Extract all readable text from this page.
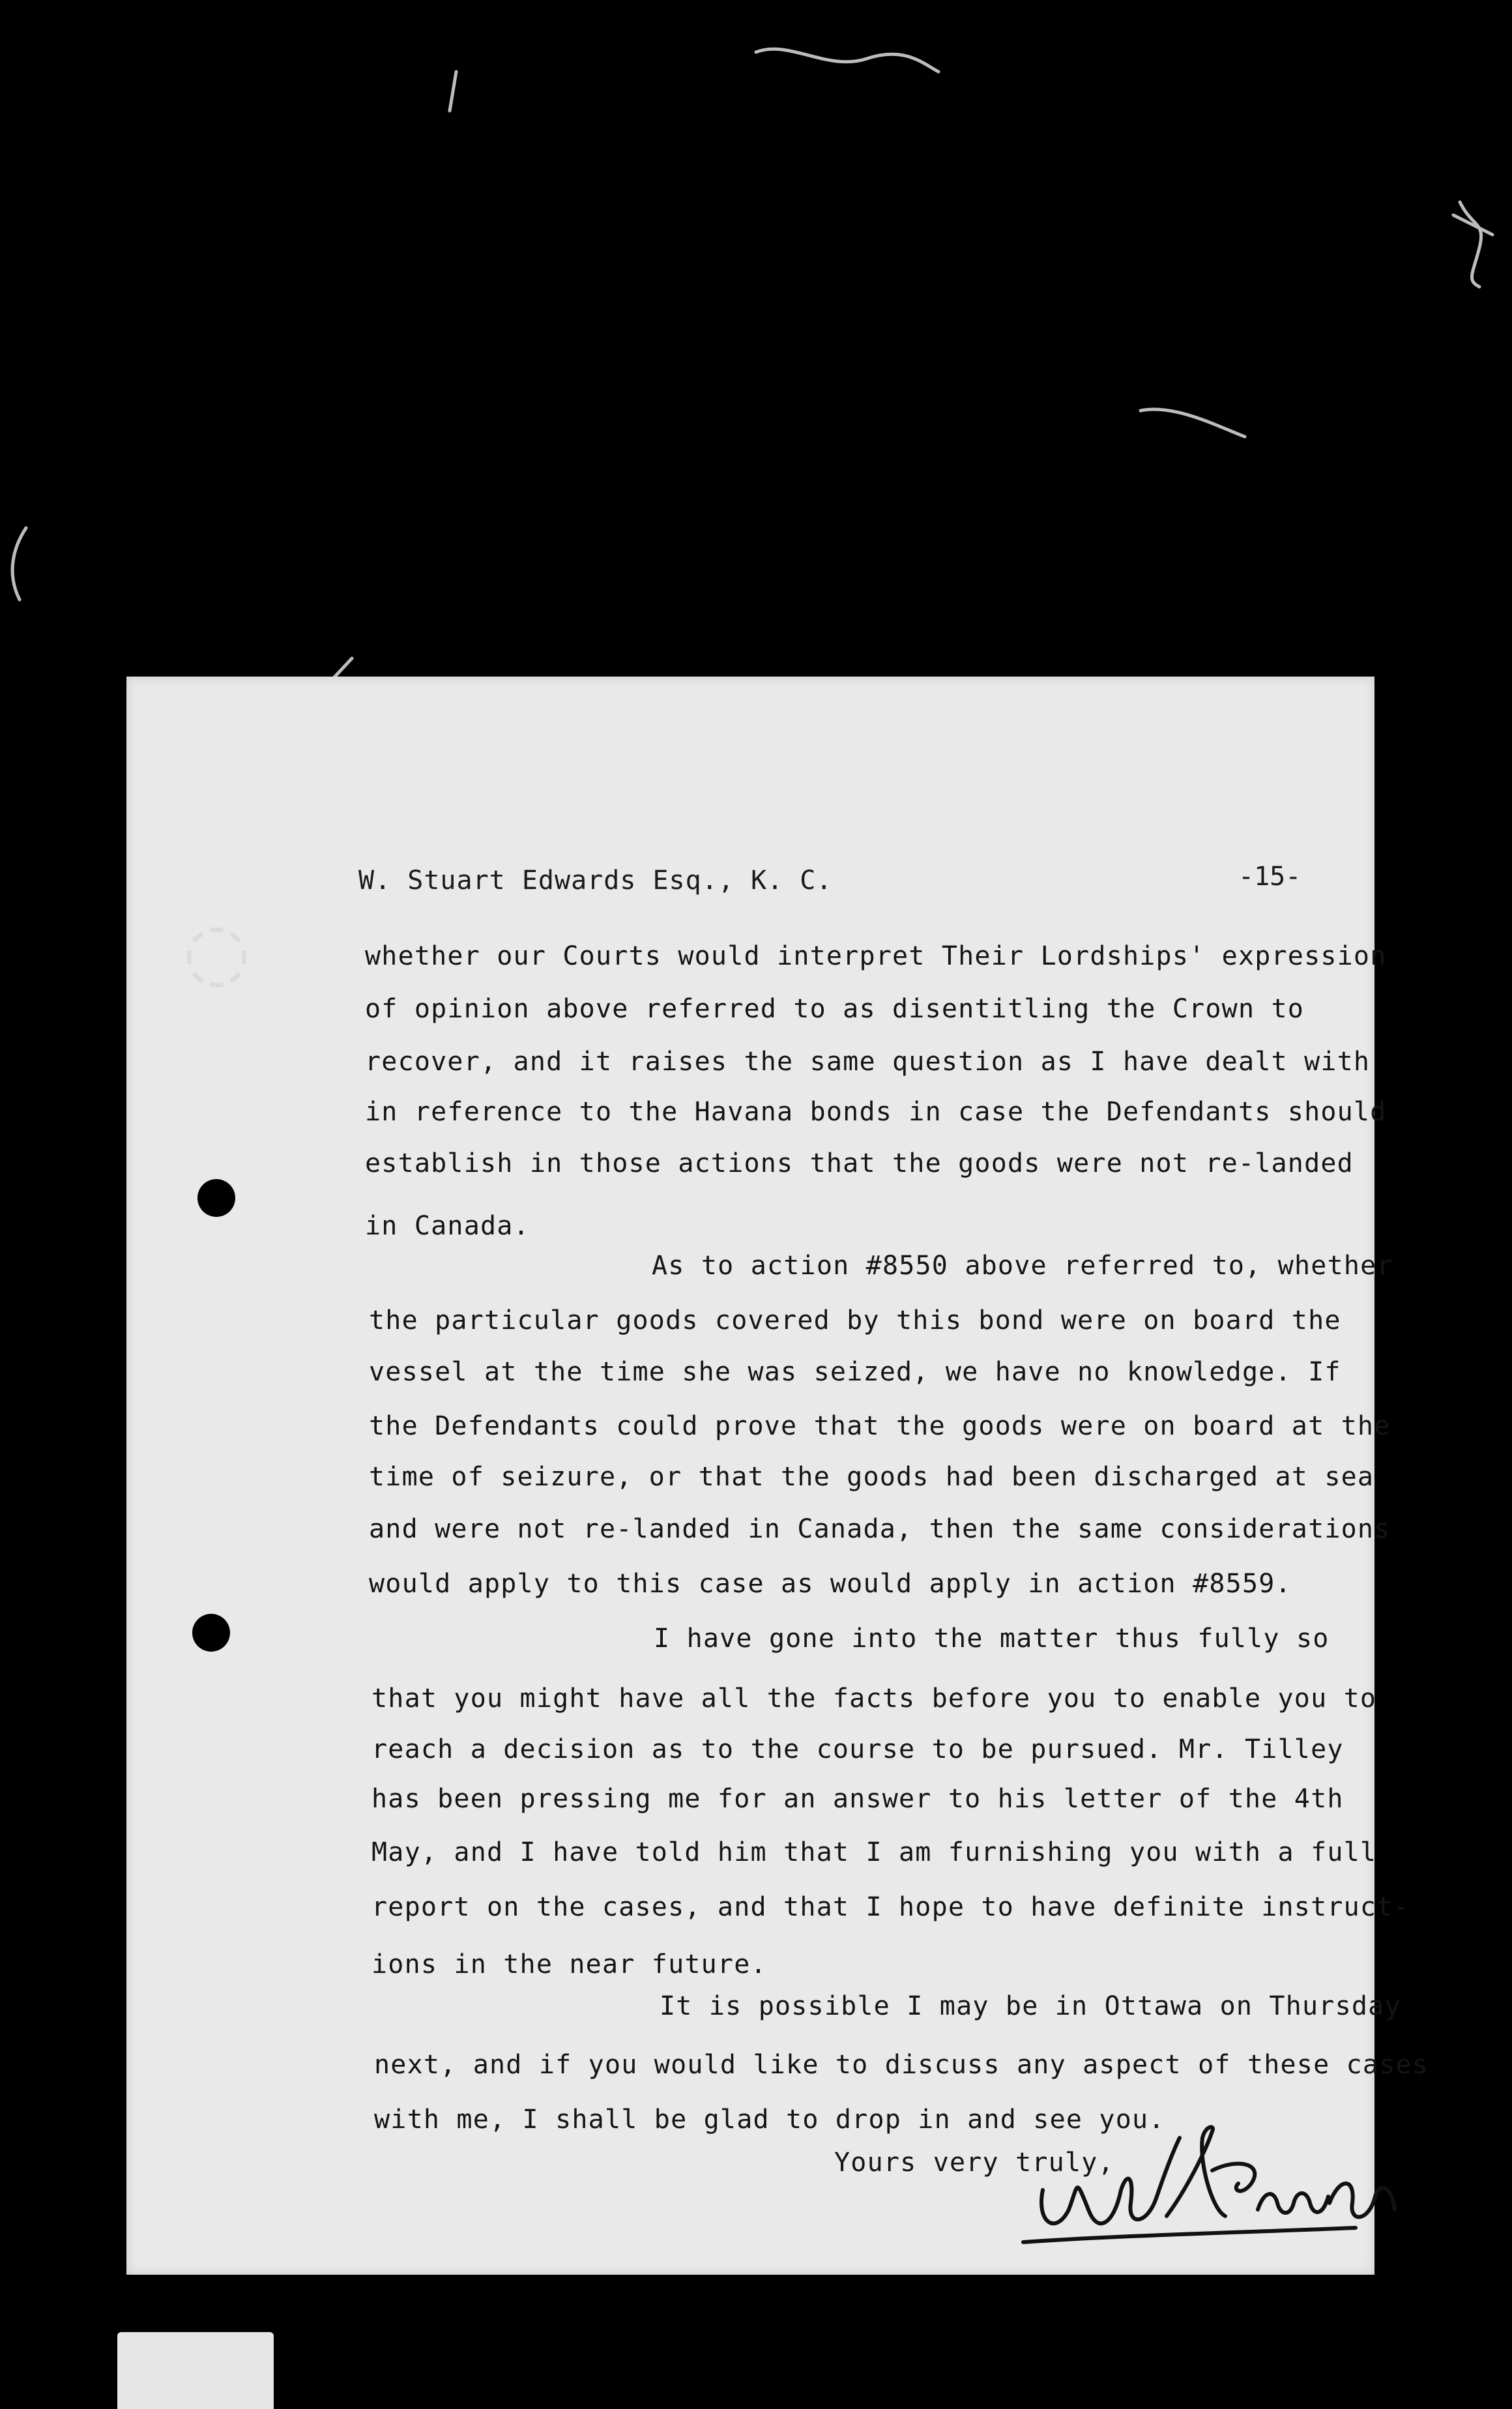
◌
W. Stuart Edwards Esq., K. C.	-15-
whether our Courts would interpret Their Lordships' expression
of opinion above referred to as disentitling the Crown to
recover, and it raises the same question as I have dealt with
in reference to the Havana bonds in case the Defendants should
establish in those actions that the goods were not re-landed
in Canada.
As to action #8550 above referred to, whether
the particular goods covered by this bond were on board the
vessel at the time she was seized, we have no knowledge. If
the Defendants could prove that the goods were on board at the
time of seizure, or that the goods had been discharged at sea
and were not re-landed in Canada, then the same considerations
would apply to this case as would apply in action #8559.
I have gone into the matter thus fully so
that you might have all the facts before you to enable you to
reach a decision as to the course to be pursued. Mr. Tilley
has been pressing me for an answer to his letter of the 4th
May, and I have told him that I am furnishing you with a full
report on the cases, and that I hope to have definite instruct-
ions in the near future.
It is possible I may be in Ottawa on Thursday
next, and if you would like to discuss any aspect of these cases
with me, I shall be glad to drop in and see you.
Yours very truly,
